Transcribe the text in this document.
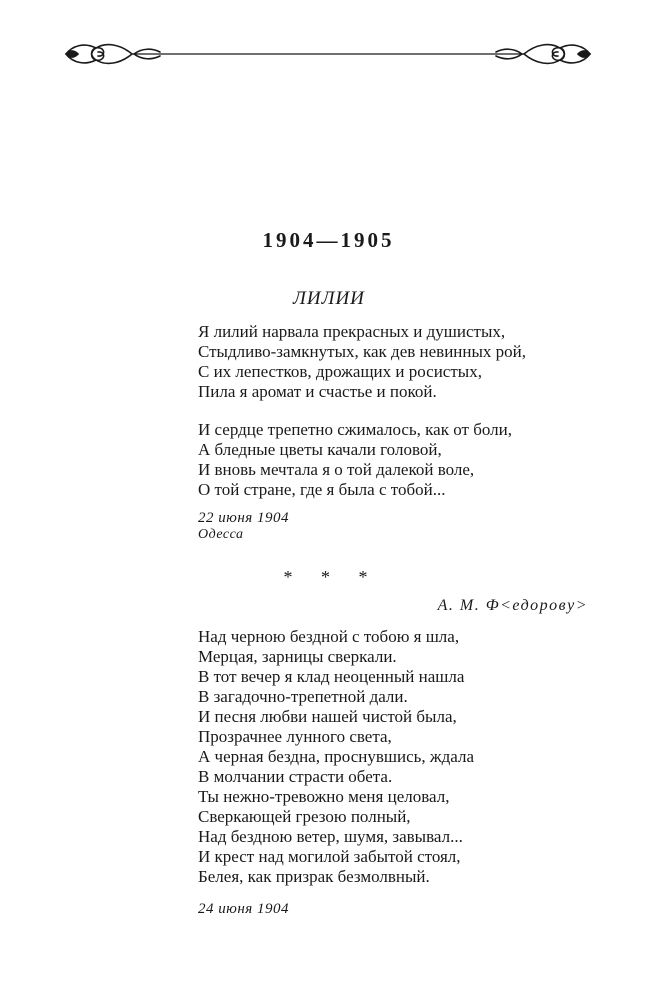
1904—1905
ЛИЛИИ
Я лилий нарвала прекрасных и душистых,
Стыдливо-замкнутых, как дев невинных рой,
С их лепестков, дрожащих и росистых,
Пила я аромат и счастье и покой.
И сердце трепетно сжималось, как от боли,
А бледные цветы качали головой,
И вновь мечтала я о той далекой воле,
О той стране, где я была с тобой...
22 июня 1904
Одесса
* * *
А. М. Ф<едорову>
Над черною бездной с тобою я шла,
Мерцая, зарницы сверкали.
В тот вечер я клад неоценный нашла
В загадочно-трепетной дали.
И песня любви нашей чистой была,
Прозрачнее лунного света,
А черная бездна, проснувшись, ждала
В молчании страсти обета.
Ты нежно-тревожно меня целовал,
Сверкающей грезою полный,
Над бездною ветер, шумя, завывал...
И крест над могилой забытой стоял,
Белея, как призрак безмолвный.
24 июня 1904
